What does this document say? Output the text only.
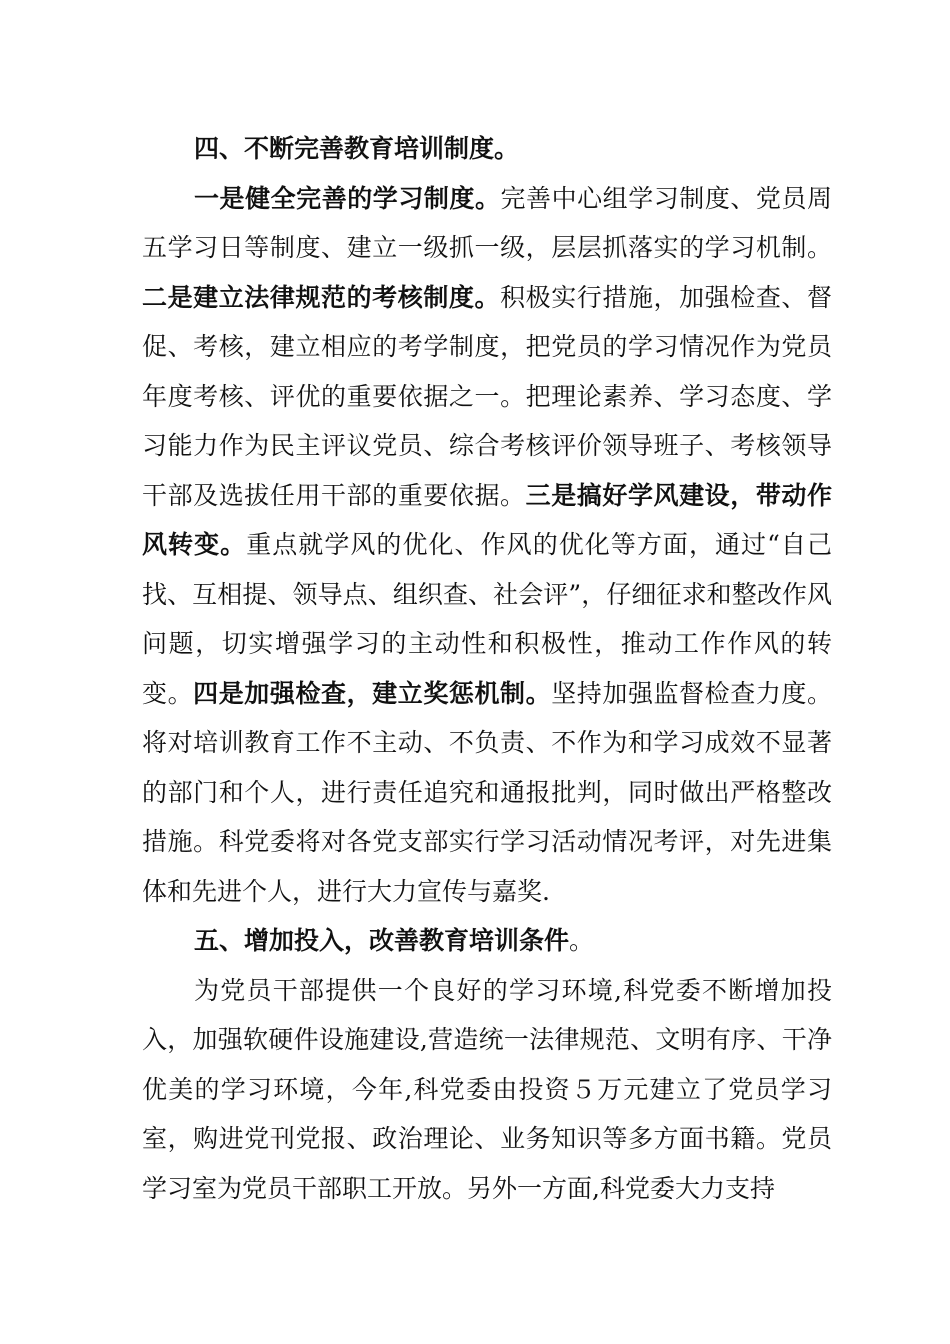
四、不断完善教育培训制度。

一是健全完善的学习制度。完善中心组学习制度、党员周五学习日等制度、建立一级抓一级，层层抓落实的学习机制。二是建立法律规范的考核制度。积极实行措施，加强检查、督促、考核，建立相应的考学制度，把党员的学习情况作为党员年度考核、评优的重要依据之一。把理论素养、学习态度、学习能力作为民主评议党员、综合考核评价领导班子、考核领导干部及选拔任用干部的重要依据。三是搞好学风建设，带动作风转变。重点就学风的优化、作风的优化等方面，通过“自己找、互相提、领导点、组织查、社会评”，仔细征求和整改作风问题，切实增强学习的主动性和积极性，推动工作作风的转变。四是加强检查，建立奖惩机制。坚持加强监督检查力度。将对培训教育工作不主动、不负责、不作为和学习成效不显著的部门和个人，进行责任追究和通报批判，同时做出严格整改措施。科党委将对各党支部实行学习活动情况考评，对先进集体和先进个人，进行大力宣传与嘉奖.

五、增加投入，改善教育培训条件。

为党员干部提供一个良好的学习环境,科党委不断增加投入，加强软硬件设施建设,营造统一法律规范、文明有序、干净优美的学习环境，今年,科党委由投资５万元建立了党员学习室，购进党刊党报、政治理论、业务知识等多方面书籍。党员学习室为党员干部职工开放。另外一方面,科党委大力支持
